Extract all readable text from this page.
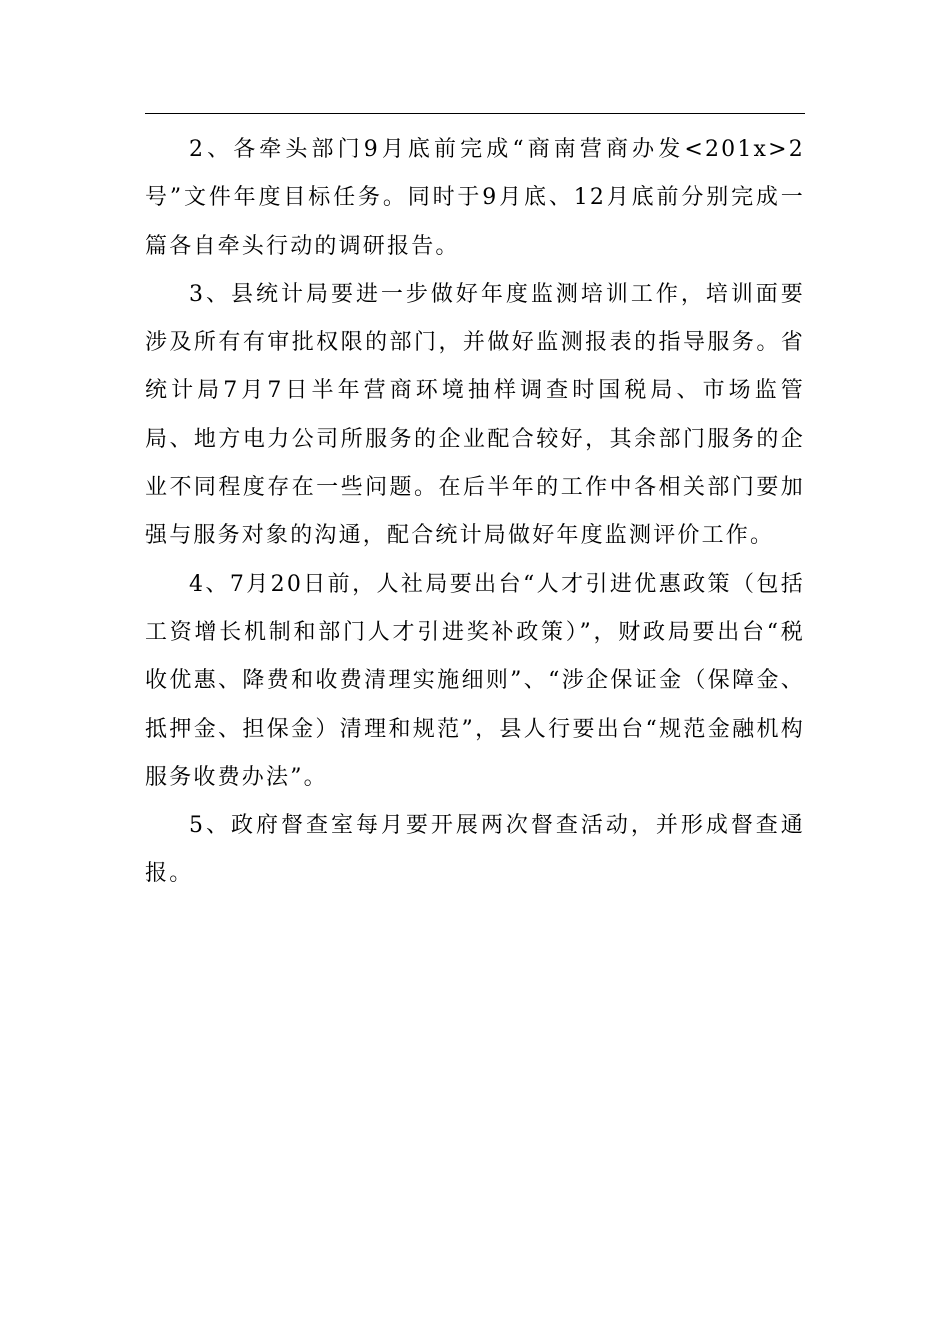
2、各牵头部门9月底前完成“商南营商办发<201x>2号”文件年度目标任务。同时于9月底、12月底前分别完成一篇各自牵头行动的调研报告。

3、县统计局要进一步做好年度监测培训工作，培训面要涉及所有有审批权限的部门，并做好监测报表的指导服务。省统计局7月7日半年营商环境抽样调查时国税局、市场监管局、地方电力公司所服务的企业配合较好，其余部门服务的企业不同程度存在一些问题。在后半年的工作中各相关部门要加强与服务对象的沟通，配合统计局做好年度监测评价工作。

4、7月20日前，人社局要出台“人才引进优惠政策（包括工资增长机制和部门人才引进奖补政策）”，财政局要出台“税收优惠、降费和收费清理实施细则”、“涉企保证金（保障金、抵押金、担保金）清理和规范”，县人行要出台“规范金融机构服务收费办法”。

5、政府督查室每月要开展两次督查活动，并形成督查通报。
